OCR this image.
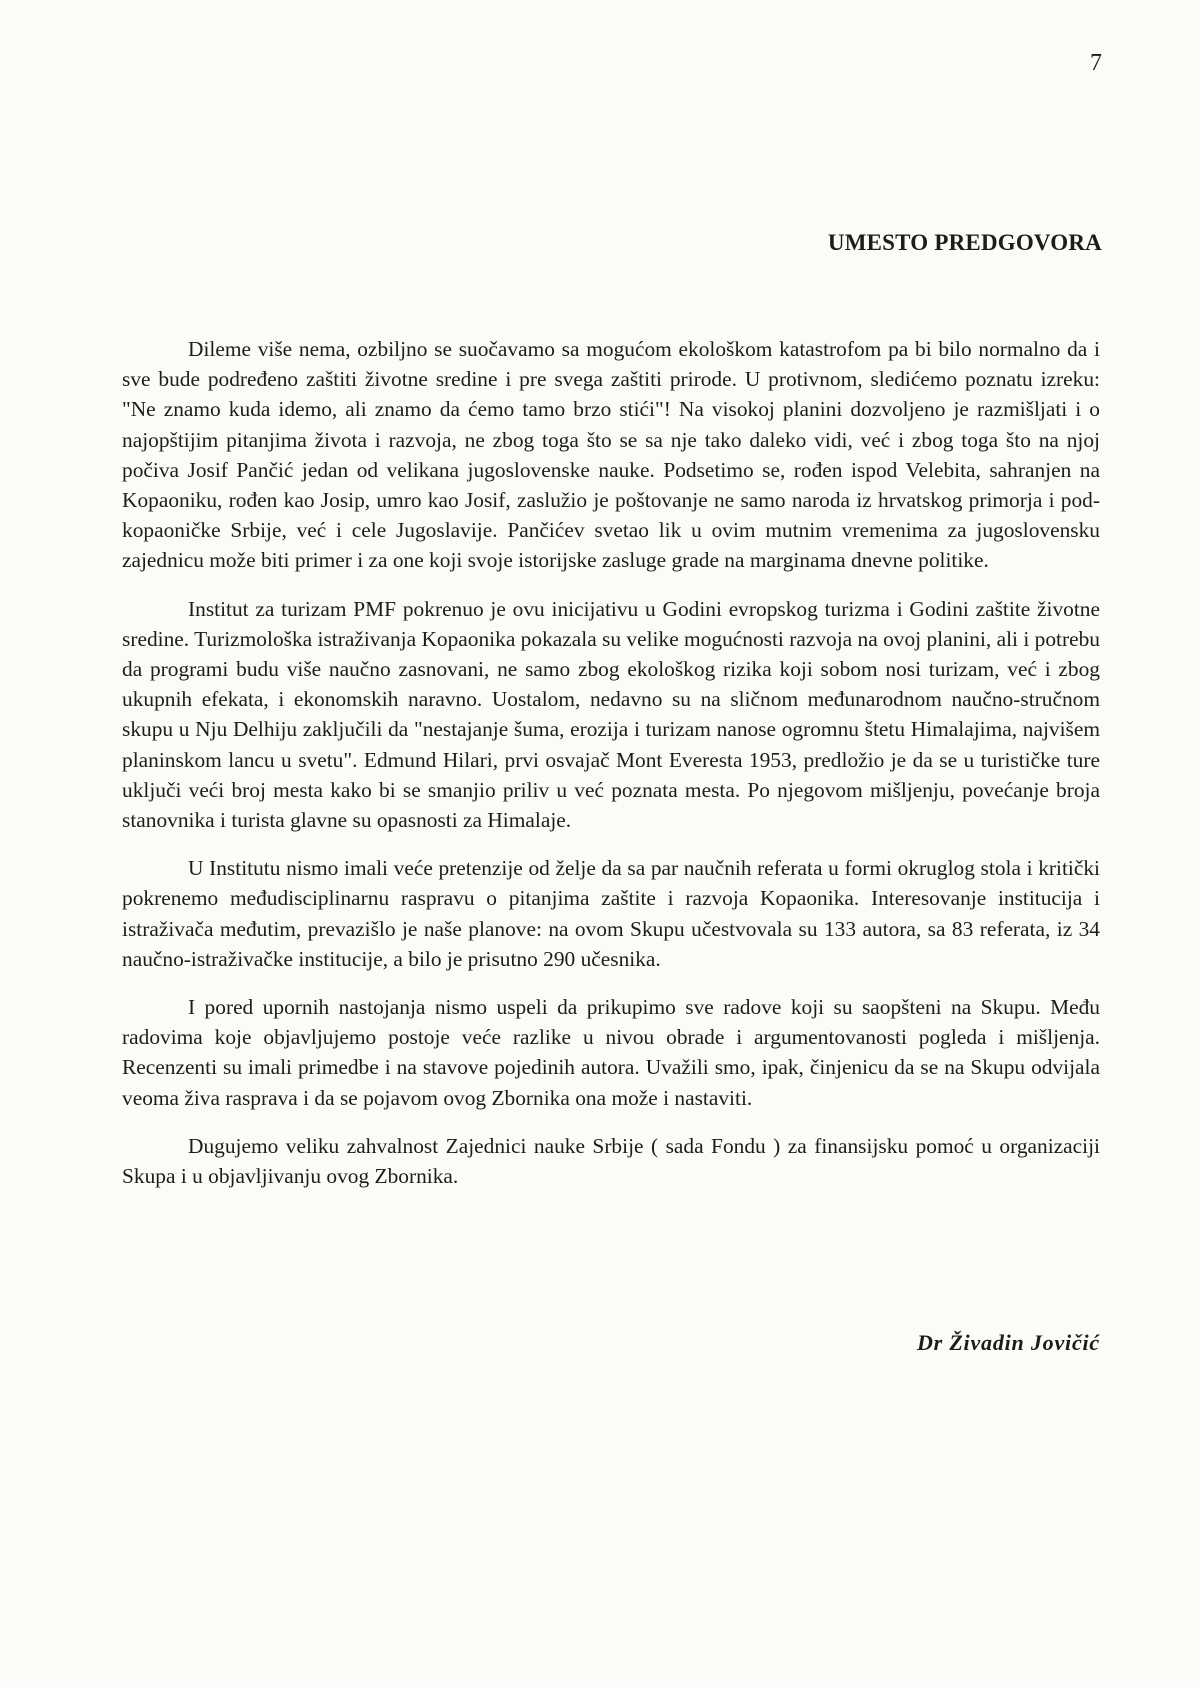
7

UMESTO PREDGOVORA

Dileme više nema, ozbiljno se suočavamo sa mogućom ekološkom katastrofom pa bi bilo normalno da i sve bude podređeno zaštiti životne sredine i pre svega zaštiti prirode. U protivnom, sledićemo poznatu izreku: "Ne znamo kuda idemo, ali znamo da ćemo tamo brzo stići"! Na visokoj planini dozvoljeno je razmišljati i o najopštijim pitanjima života i razvoja, ne zbog toga što se sa nje tako daleko vidi, već i zbog toga što na njoj počiva Josif Pančić jedan od velikana jugoslovenske nauke. Podsetimo se, rođen ispod Velebita, sahranjen na Kopaoniku, rođen kao Josip, umro kao Josif, zaslužio je poštovanje ne samo naroda iz hrvatskog primorja i pod-kopaoničke Srbije, već i cele Jugoslavije. Pančićev svetao lik u ovim mutnim vremenima za jugoslovensku zajednicu može biti primer i za one koji svoje istorijske zasluge grade na marginama dnevne politike.

Institut za turizam PMF pokrenuo je ovu inicijativu u Godini evropskog turizma i Godini zaštite životne sredine. Turizmološka istraživanja Kopaonika pokazala su velike mogućnosti razvoja na ovoj planini, ali i potrebu da programi budu više naučno zasnovani, ne samo zbog ekološkog rizika koji sobom nosi turizam, već i zbog ukupnih efekata, i ekonomskih naravno. Uostalom, nedavno su na sličnom međunarodnom naučno-stručnom skupu u Nju Delhiju zaključili da "nestajanje šuma, erozija i turizam nanose ogromnu štetu Himalajima, najvišem planinskom lancu u svetu". Edmund Hilari, prvi osvajač Mont Everesta 1953, predložio je da se u turističke ture uključi veći broj mesta kako bi se smanjio priliv u već poznata mesta. Po njegovom mišljenju, povećanje broja stanovnika i turista glavne su opasnosti za Himalaje.

U Institutu nismo imali veće pretenzije od želje da sa par naučnih referata u formi okruglog stola i kritički pokrenemo međudisciplinarnu raspravu o pitanjima zaštite i razvoja Kopaonika. Interesovanje institucija i istraživača međutim, prevazišlo je naše planove: na ovom Skupu učestvovala su 133 autora, sa 83 referata, iz 34 naučno-istraživačke institucije, a bilo je prisutno 290 učesnika.

I pored upornih nastojanja nismo uspeli da prikupimo sve radove koji su saopšteni na Skupu. Među radovima koje objavljujemo postoje veće razlike u nivou obrade i argumentovanosti pogleda i mišljenja. Recenzenti su imali primedbe i na stavove pojedinih autora. Uvažili smo, ipak, činjenicu da se na Skupu odvijala veoma živa rasprava i da se pojavom ovog Zbornika ona može i nastaviti.

Dugujemo veliku zahvalnost Zajednici nauke Srbije ( sada Fondu ) za finansijsku pomoć u organizaciji Skupa i u objavljivanju ovog Zbornika.

Dr Živadin Jovičić
